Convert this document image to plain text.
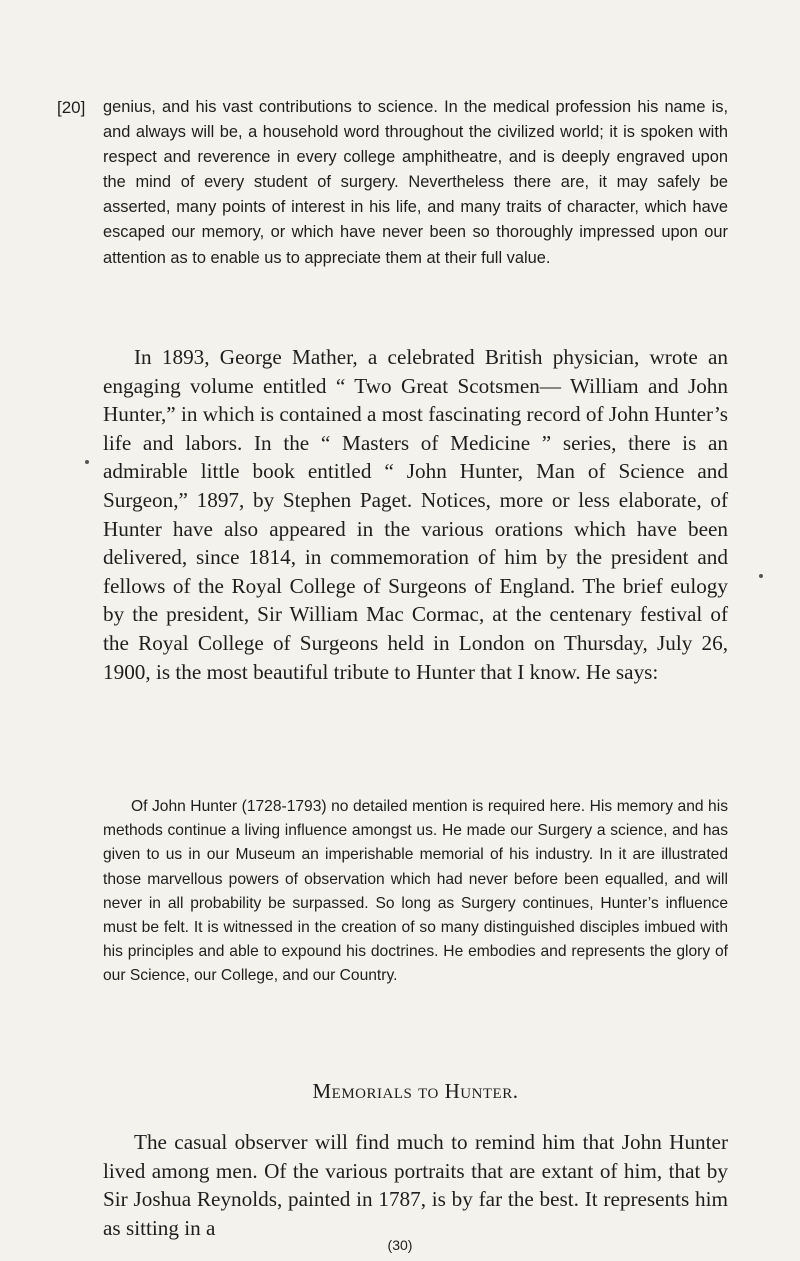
[20] genius, and his vast contributions to science. In the medical profession his name is, and always will be, a household word throughout the civilized world; it is spoken with respect and reverence in every college amphitheatre, and is deeply engraved upon the mind of every student of surgery. Nevertheless there are, it may safely be asserted, many points of interest in his life, and many traits of character, which have escaped our memory, or which have never been so thoroughly impressed upon our attention as to enable us to appreciate them at their full value.

In 1893, George Mather, a celebrated British physician, wrote an engaging volume entitled “ Two Great Scotsmen— William and John Hunter,” in which is contained a most fascinating record of John Hunter’s life and labors. In the “ Masters of Medicine ” series, there is an admirable little book entitled “ John Hunter, Man of Science and Surgeon,” 1897, by Stephen Paget. Notices, more or less elaborate, of Hunter have also appeared in the various orations which have been delivered, since 1814, in commemoration of him by the president and fellows of the Royal College of Surgeons of England. The brief eulogy by the president, Sir William Mac Cormac, at the centenary festival of the Royal College of Surgeons held in London on Thursday, July 26, 1900, is the most beautiful tribute to Hunter that I know. He says:

Of John Hunter (1728-1793) no detailed mention is required here. His memory and his methods continue a living influence amongst us. He made our Surgery a science, and has given to us in our Museum an imperishable memorial of his industry. In it are illustrated those marvellous powers of observation which had never before been equalled, and will never in all probability be surpassed. So long as Surgery continues, Hunter’s influence must be felt. It is witnessed in the creation of so many distinguished disciples imbued with his principles and able to expound his doctrines. He embodies and represents the glory of our Science, our College, and our Country.

Memorials to Hunter.

The casual observer will find much to remind him that John Hunter lived among men. Of the various portraits that are extant of him, that by Sir Joshua Reynolds, painted in 1787, is by far the best. It represents him as sitting in a

(30)
